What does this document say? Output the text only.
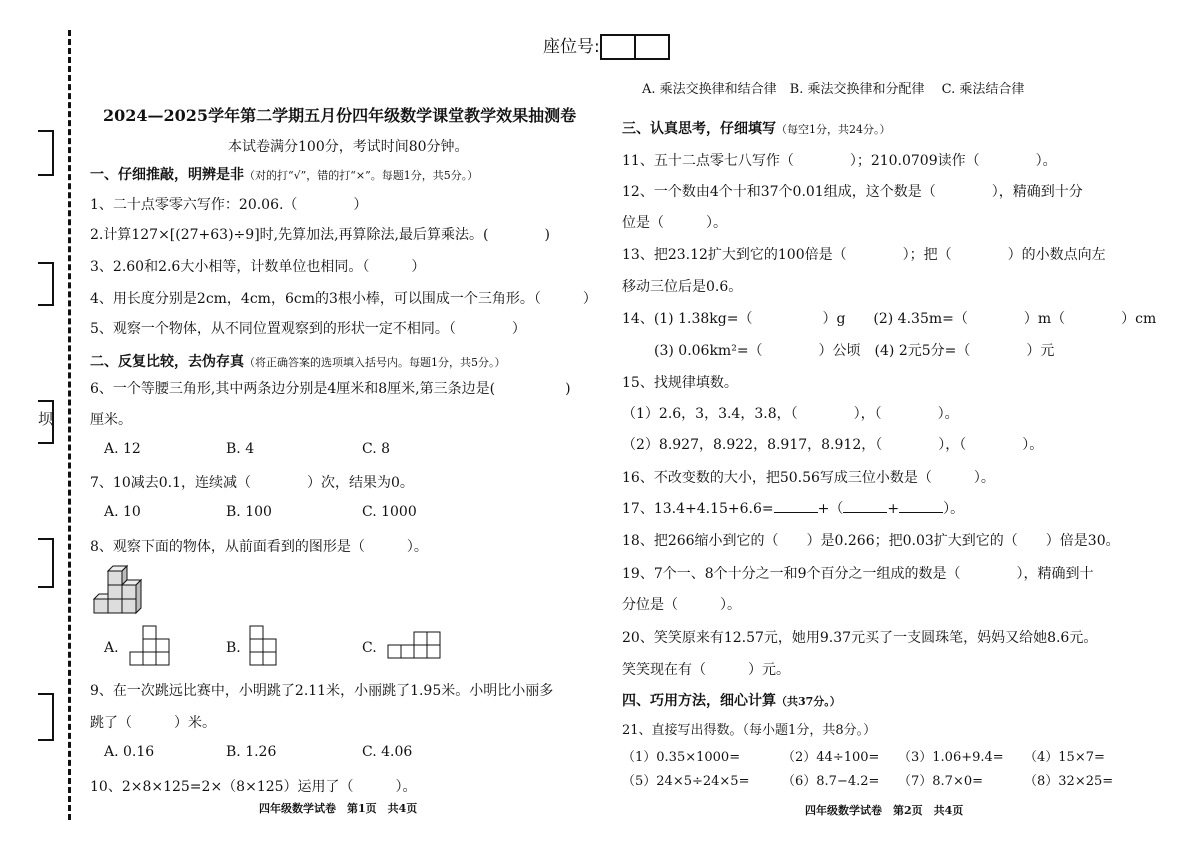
坝
座位号:
2024—2025学年第二学期五月份四年级数学课堂教学效果抽测卷
本试卷满分100分，考试时间80分钟。
一、仔细推敲，明辨是非（对的打“√”，错的打“×”。每题1分，共5分。）
1、二十点零零六写作：20.06.（　　　　）
2.计算127×[(27+63)÷9]时,先算加法,再算除法,最后算乘法。(　　　　)
3、2.60和2.6大小相等，计数单位也相同。（　　　）
4、用长度分别是2cm，4cm，6cm的3根小棒，可以围成一个三角形。（　　　）
5、观察一个物体，从不同位置观察到的形状一定不相同。（　　　　）
二、反复比较，去伪存真（将正确答案的选项填入括号内。每题1分，共5分。）
6、一个等腰三角形,其中两条边分别是4厘米和8厘米,第三条边是(　　　　　)
厘米。
A. 12	B. 4	C. 8
7、10减去0.1，连续减（　　　　）次，结果为0。
A. 10	B. 100	C. 1000
8、观察下面的物体，从前面看到的图形是（　　　）。
A.	B.	C.
9、在一次跳远比赛中，小明跳了2.11米，小丽跳了1.95米。小明比小丽多
跳了（　　　）米。
A. 0.16	B. 1.26	C. 4.06
10、2×8×125=2×（8×125）运用了（　　　）。
四年级数学试卷　第1页　共4页
A. 乘法交换律和结合律　B. 乘法交换律和分配律　 C. 乘法结合律
三、认真思考，仔细填写（每空1分，共24分。）
11、五十二点零七八写作（　　　　）；210.0709读作（　　　　）。
12、一个数由4个十和37个0.01组成，这个数是（　　　　），精确到十分
位是（　　　）。
13、把23.12扩大到它的100倍是（　　　　）；把（　　　　）的小数点向左
移动三位后是0.6。
14、(1) 1.38kg=（　　　　　）g　　(2) 4.35m=（　　　　）m（　　　　）cm
(3) 0.06km²=（　　　　）公顷　(4) 2元5分=（　　　　）元
15、找规律填数。
（1）2.6，3，3.4，3.8，（　　　　），（　　　　）。
（2）8.927，8.922，8.917，8.912，（　　　　），（　　　　）。
16、不改变数的大小，把50.56写成三位小数是（　　　）。
17、13.4+4.15+6.6=	+（	+	）。
18、把266缩小到它的（　　）是0.266；把0.03扩大到它的（　　）倍是30。
19、7个一、8个十分之一和9个百分之一组成的数是（　　　　），精确到十
分位是（　　　）。
20、笑笑原来有12.57元，她用9.37元买了一支圆珠笔，妈妈又给她8.6元。
笑笑现在有（　　　）元。
四、巧用方法，细心计算（共37分。）
21、直接写出得数。（每小题1分，共8分。）
（1）0.35×1000=	（2）44÷100= （3）1.06+9.4= （4）15×7=
（5）24×5÷24×5=	（6）8.7−4.2= （7）8.7×0=	（8）32×25=
四年级数学试卷　第2页　共4页
